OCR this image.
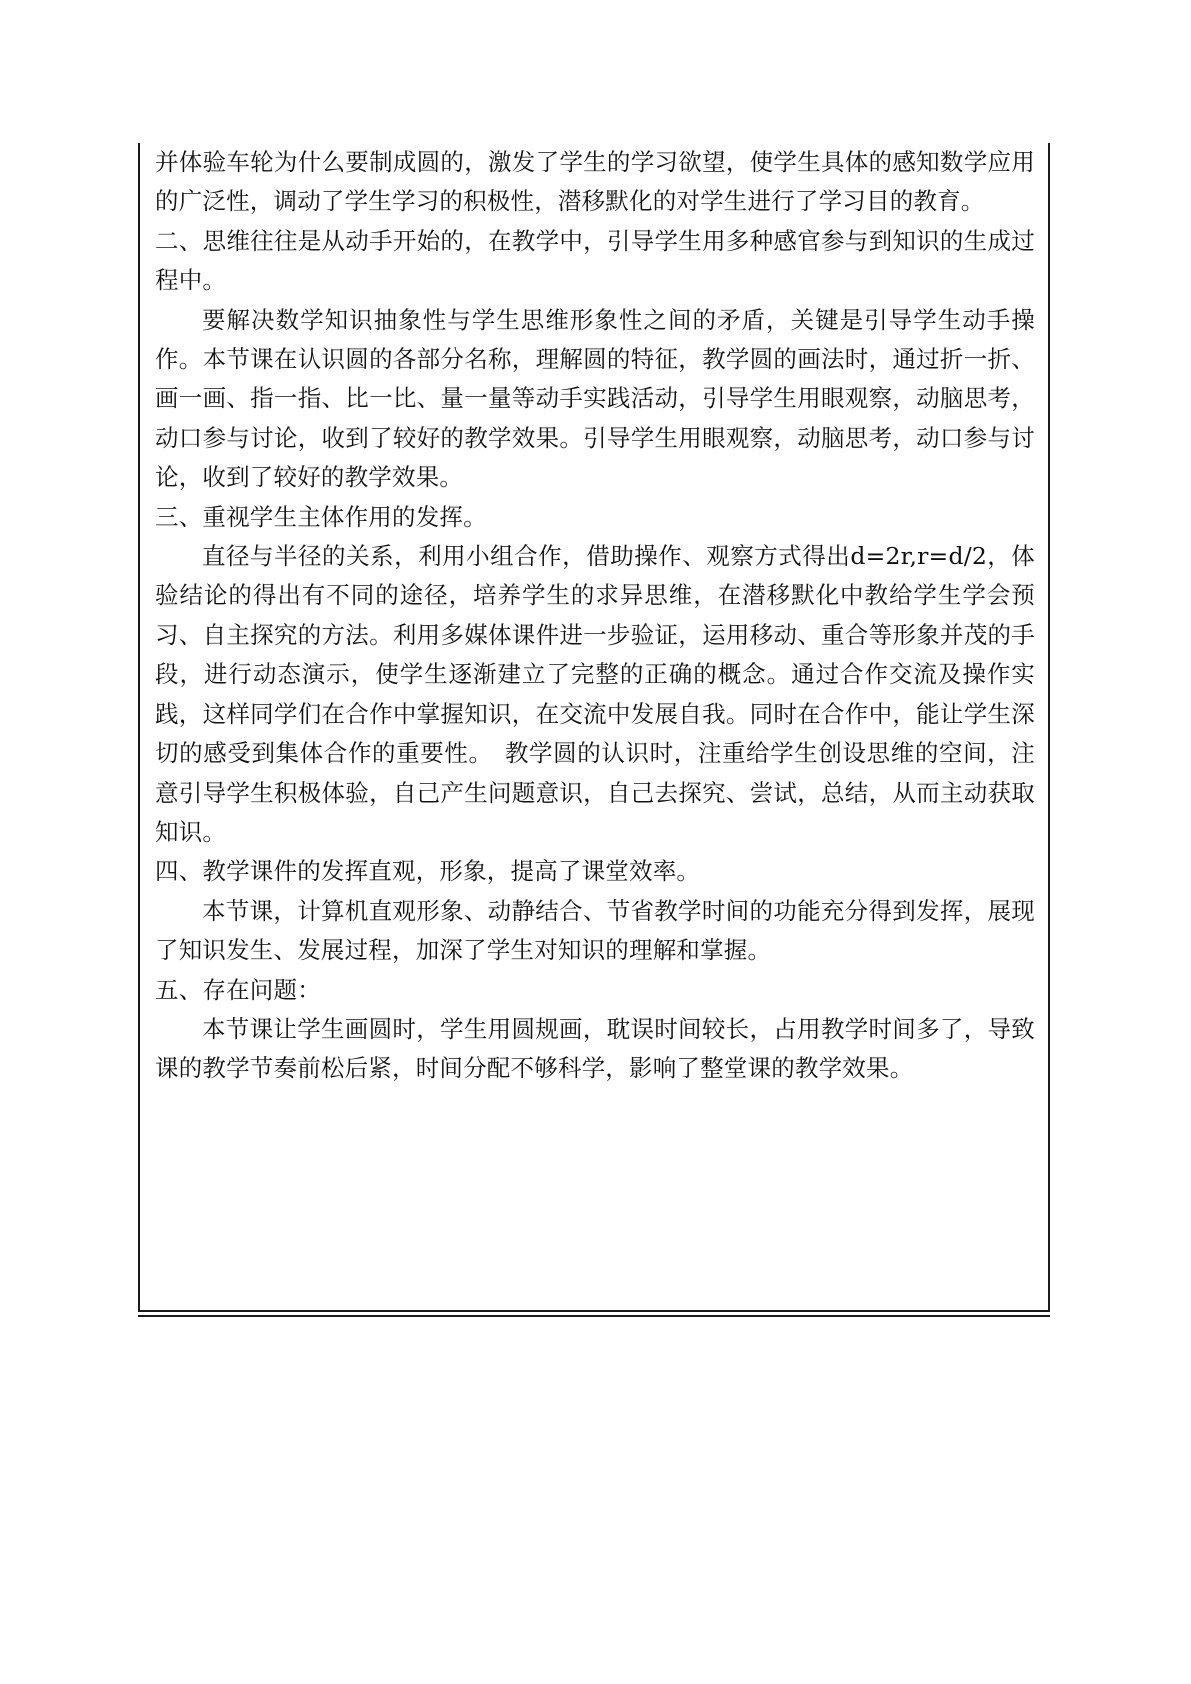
并体验车轮为什么要制成圆的，激发了学生的学习欲望，使学生具体的感知数学应用的广泛性，调动了学生学习的积极性，潜移默化的对学生进行了学习目的教育。

二、思维往往是从动手开始的，在教学中，引导学生用多种感官参与到知识的生成过程中。

要解决数学知识抽象性与学生思维形象性之间的矛盾，关键是引导学生动手操作。本节课在认识圆的各部分名称，理解圆的特征，教学圆的画法时，通过折一折、画一画、指一指、比一比、量一量等动手实践活动，引导学生用眼观察，动脑思考，动口参与讨论，收到了较好的教学效果。引导学生用眼观察，动脑思考，动口参与讨论，收到了较好的教学效果。

三、重视学生主体作用的发挥。

直径与半径的关系，利用小组合作，借助操作、观察方式得出d=2r,r=d/2，体验结论的得出有不同的途径，培养学生的求异思维，在潜移默化中教给学生学会预习、自主探究的方法。利用多媒体课件进一步验证，运用移动、重合等形象并茂的手段，进行动态演示，使学生逐渐建立了完整的正确的概念。通过合作交流及操作实践，这样同学们在合作中掌握知识，在交流中发展自我。同时在合作中，能让学生深切的感受到集体合作的重要性。　教学圆的认识时，注重给学生创设思维的空间，注意引导学生积极体验，自己产生问题意识，自己去探究、尝试，总结，从而主动获取知识。

四、教学课件的发挥直观，形象，提高了课堂效率。

本节课，计算机直观形象、动静结合、节省教学时间的功能充分得到发挥，展现了知识发生、发展过程，加深了学生对知识的理解和掌握。

五、存在问题：

本节课让学生画圆时，学生用圆规画，耽误时间较长，占用教学时间多了，导致课的教学节奏前松后紧，时间分配不够科学，影响了整堂课的教学效果。
